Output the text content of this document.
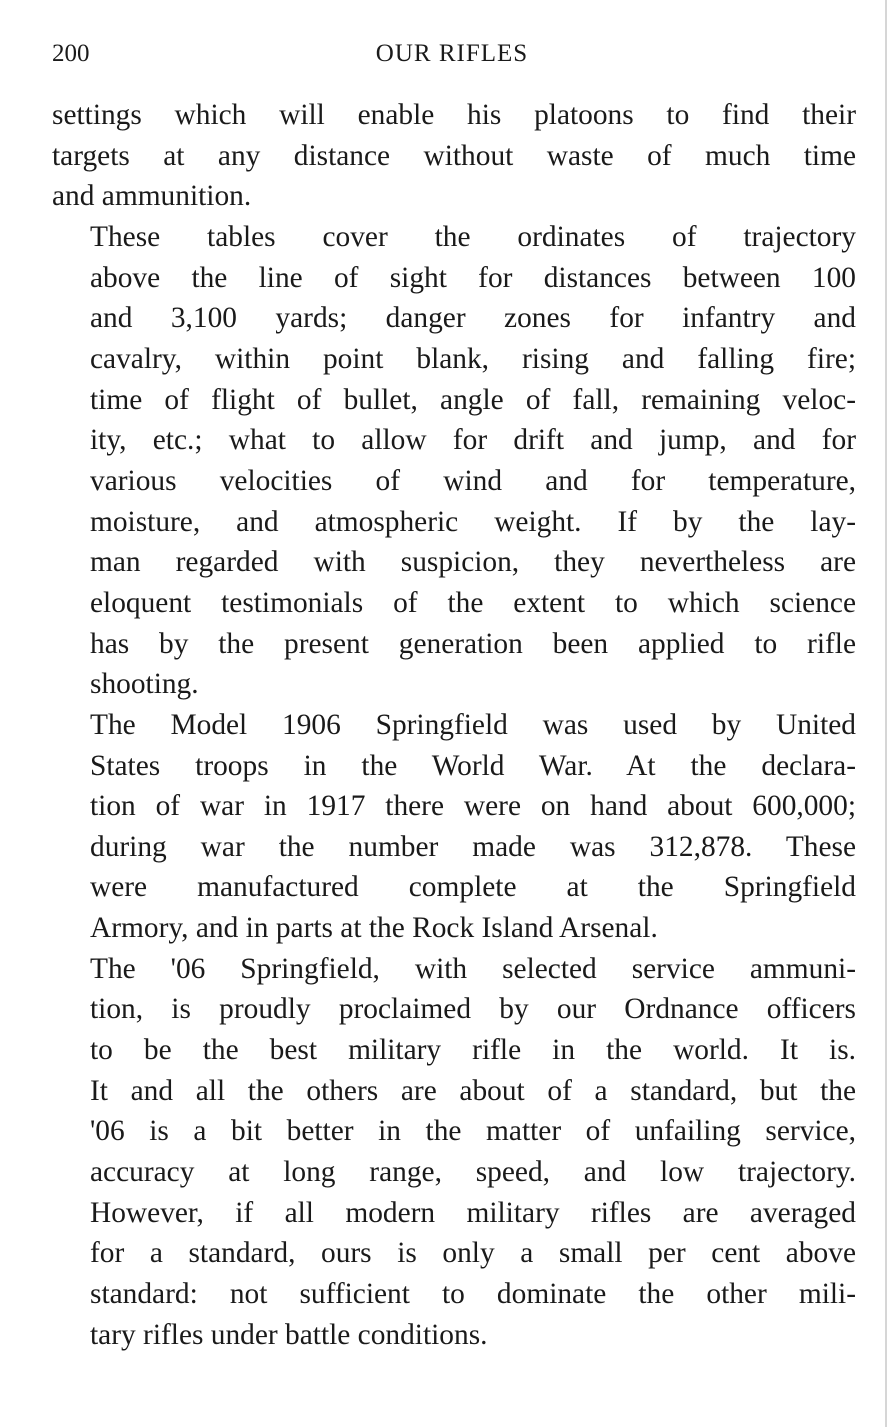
200	OUR RIFLES

settings which will enable his platoons to find their
targets at any distance without waste of much time
and ammunition.

These tables cover the ordinates of trajectory
above the line of sight for distances between 100
and 3,100 yards; danger zones for infantry and
cavalry, within point blank, rising and falling fire;
time of flight of bullet, angle of fall, remaining veloc-
ity, etc.; what to allow for drift and jump, and for
various velocities of wind and for temperature,
moisture, and atmospheric weight. If by the lay-
man regarded with suspicion, they nevertheless are
eloquent testimonials of the extent to which science
has by the present generation been applied to rifle
shooting.

The Model 1906 Springfield was used by United
States troops in the World War. At the declara-
tion of war in 1917 there were on hand about 600,000;
during war the number made was 312,878. These
were manufactured complete at the Springfield
Armory, and in parts at the Rock Island Arsenal.

The '06 Springfield, with selected service ammuni-
tion, is proudly proclaimed by our Ordnance officers
to be the best military rifle in the world. It is.
It and all the others are about of a standard, but the
'06 is a bit better in the matter of unfailing service,
accuracy at long range, speed, and low trajectory.
However, if all modern military rifles are averaged
for a standard, ours is only a small per cent above
standard: not sufficient to dominate the other mili-
tary rifles under battle conditions.
